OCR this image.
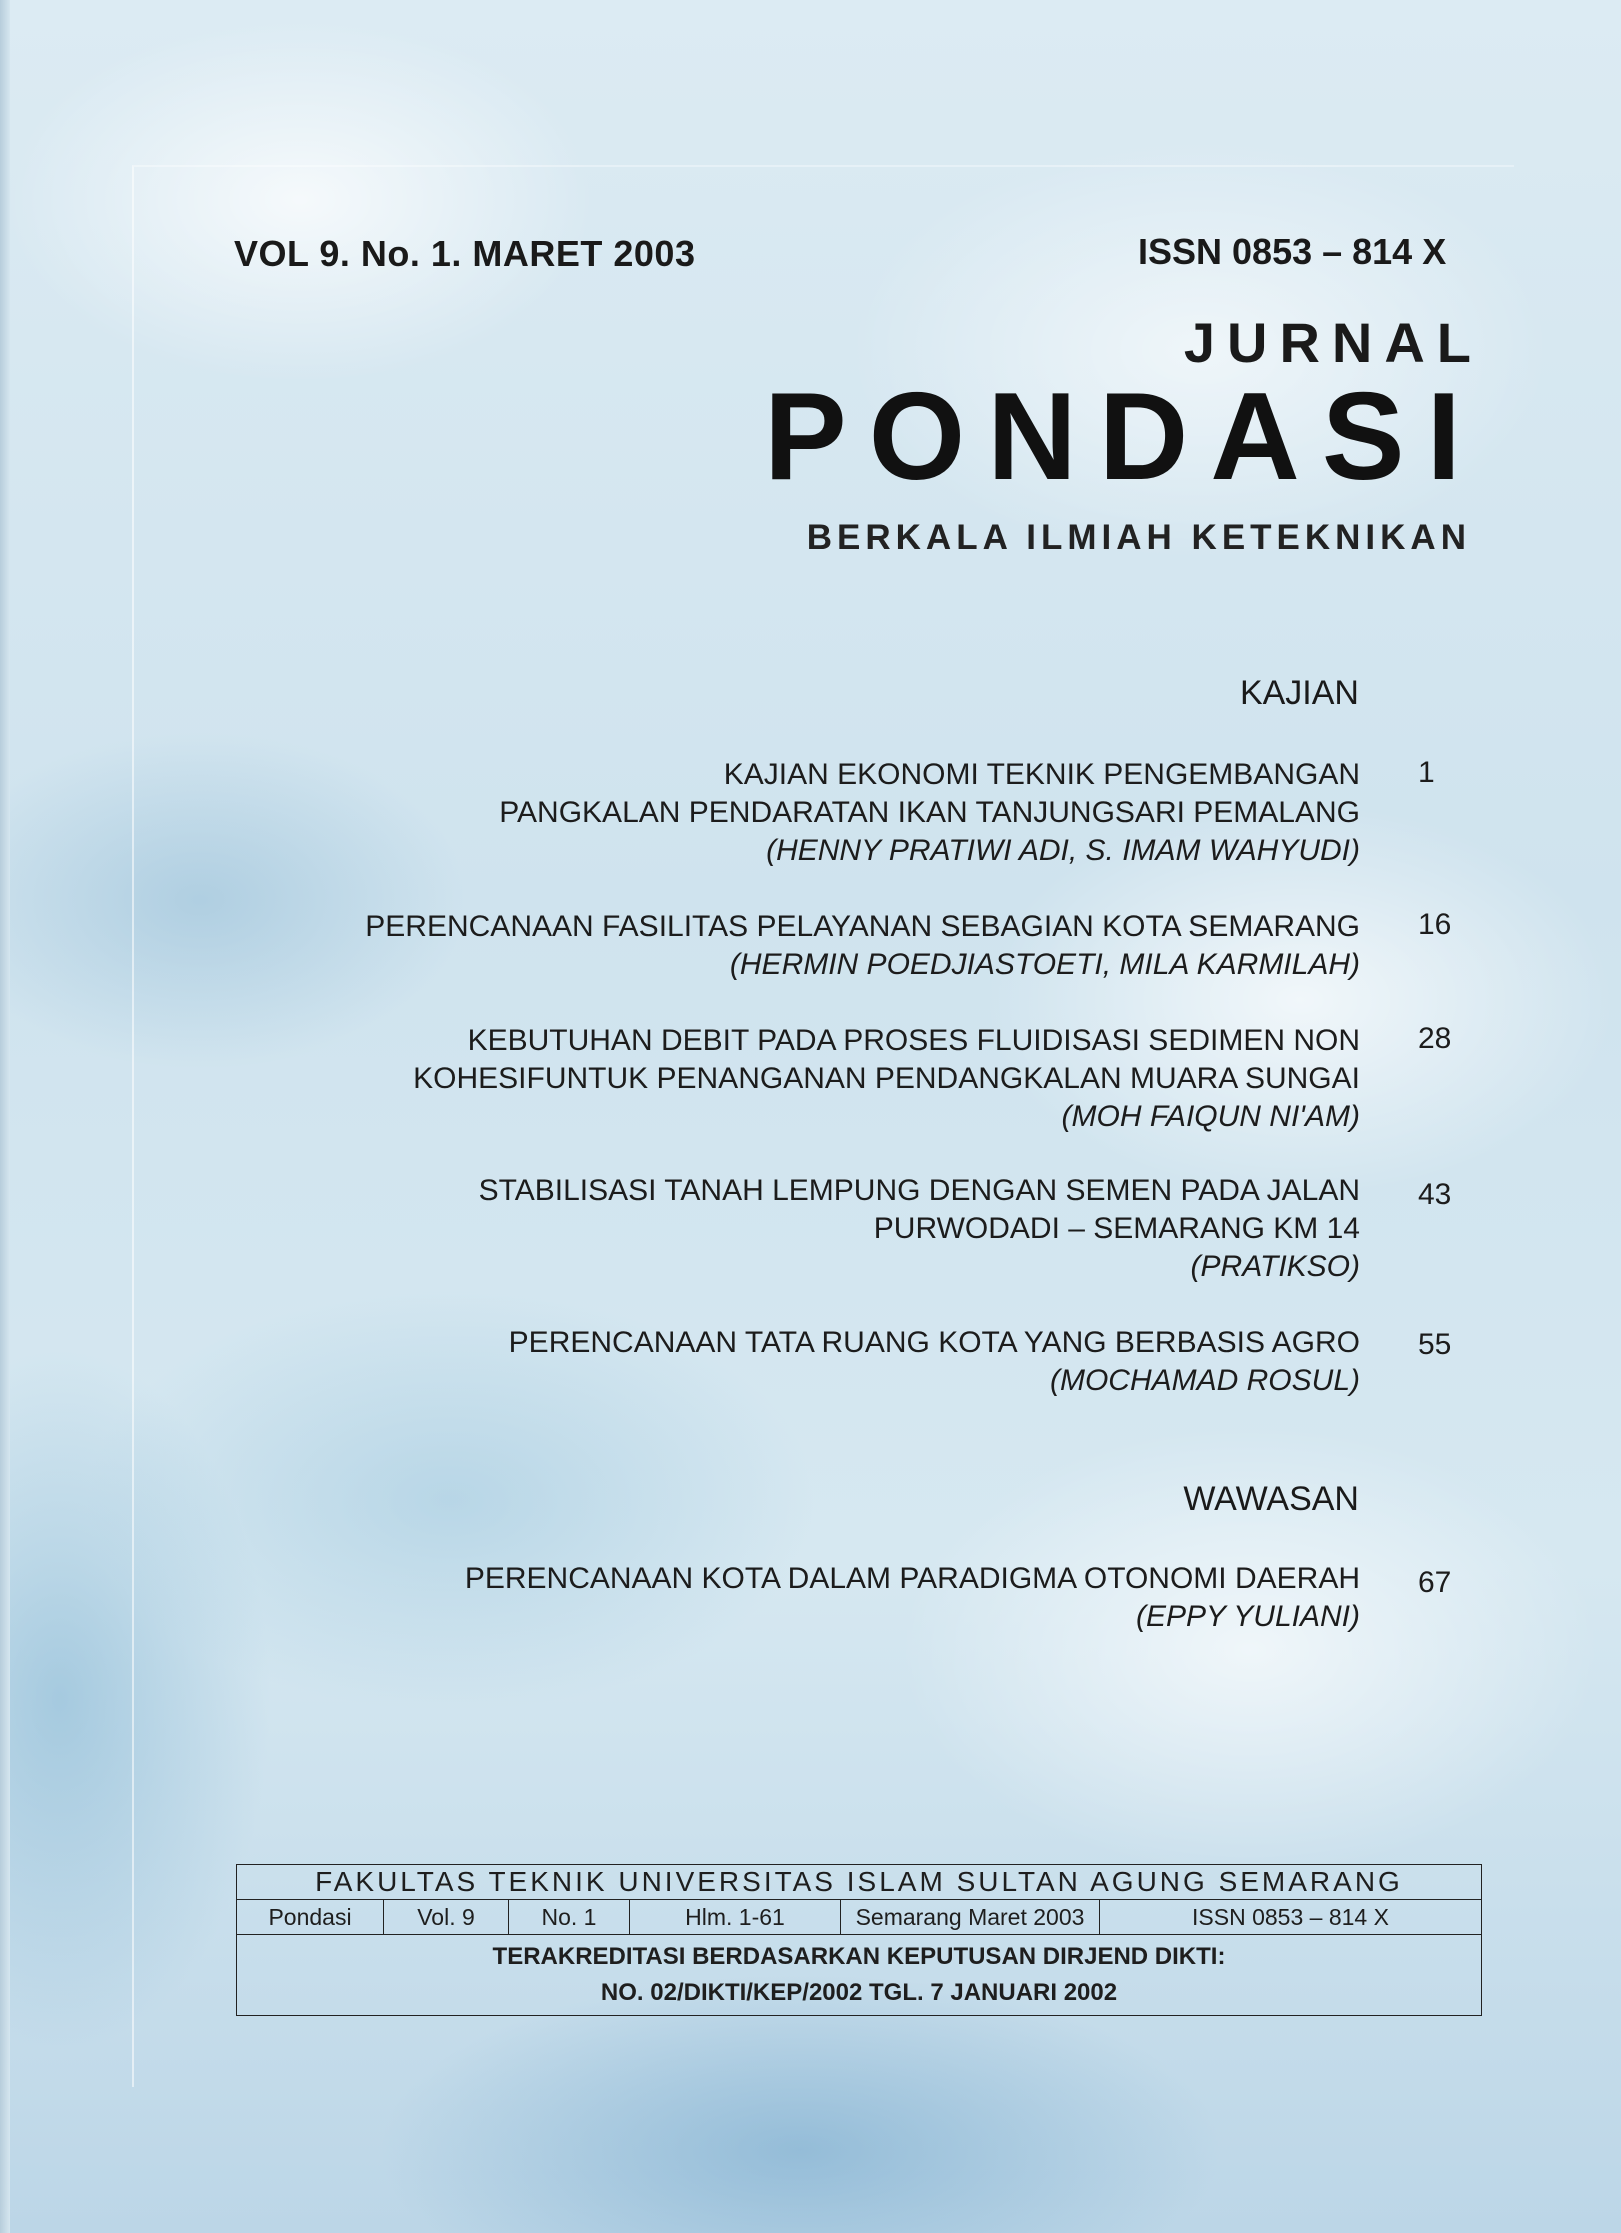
VOL 9. No. 1. MARET 2003	ISSN 0853 – 814 X
JURNAL
PONDASI
BERKALA ILMIAH KETEKNIKAN
KAJIAN
KAJIAN EKONOMI TEKNIK PENGEMBANGAN
PANGKALAN PENDARATAN IKAN TANJUNGSARI PEMALANG
(HENNY PRATIWI ADI, S. IMAM WAHYUDI)
1
PERENCANAAN FASILITAS PELAYANAN SEBAGIAN KOTA SEMARANG
(HERMIN POEDJIASTOETI, MILA KARMILAH)
16
KEBUTUHAN DEBIT PADA PROSES FLUIDISASI SEDIMEN NON
KOHESIFUNTUK PENANGANAN PENDANGKALAN MUARA SUNGAI
(MOH FAIQUN NI'AM)
28
STABILISASI TANAH LEMPUNG DENGAN SEMEN PADA JALAN
PURWODADI – SEMARANG KM 14
(PRATIKSO)
43
PERENCANAAN TATA RUANG KOTA YANG BERBASIS AGRO
(MOCHAMAD ROSUL)
55
WAWASAN
PERENCANAAN KOTA DALAM PARADIGMA OTONOMI DAERAH
(EPPY YULIANI)
67
FAKULTAS TEKNIK UNIVERSITAS ISLAM SULTAN AGUNG SEMARANG
Pondasi	Vol. 9	No. 1	Hlm. 1-61	Semarang Maret 2003	ISSN 0853 – 814 X

TERAKREDITASI BERDASARKAN KEPUTUSAN DIRJEND DIKTI:
NO. 02/DIKTI/KEP/2002 TGL. 7 JANUARI 2002
